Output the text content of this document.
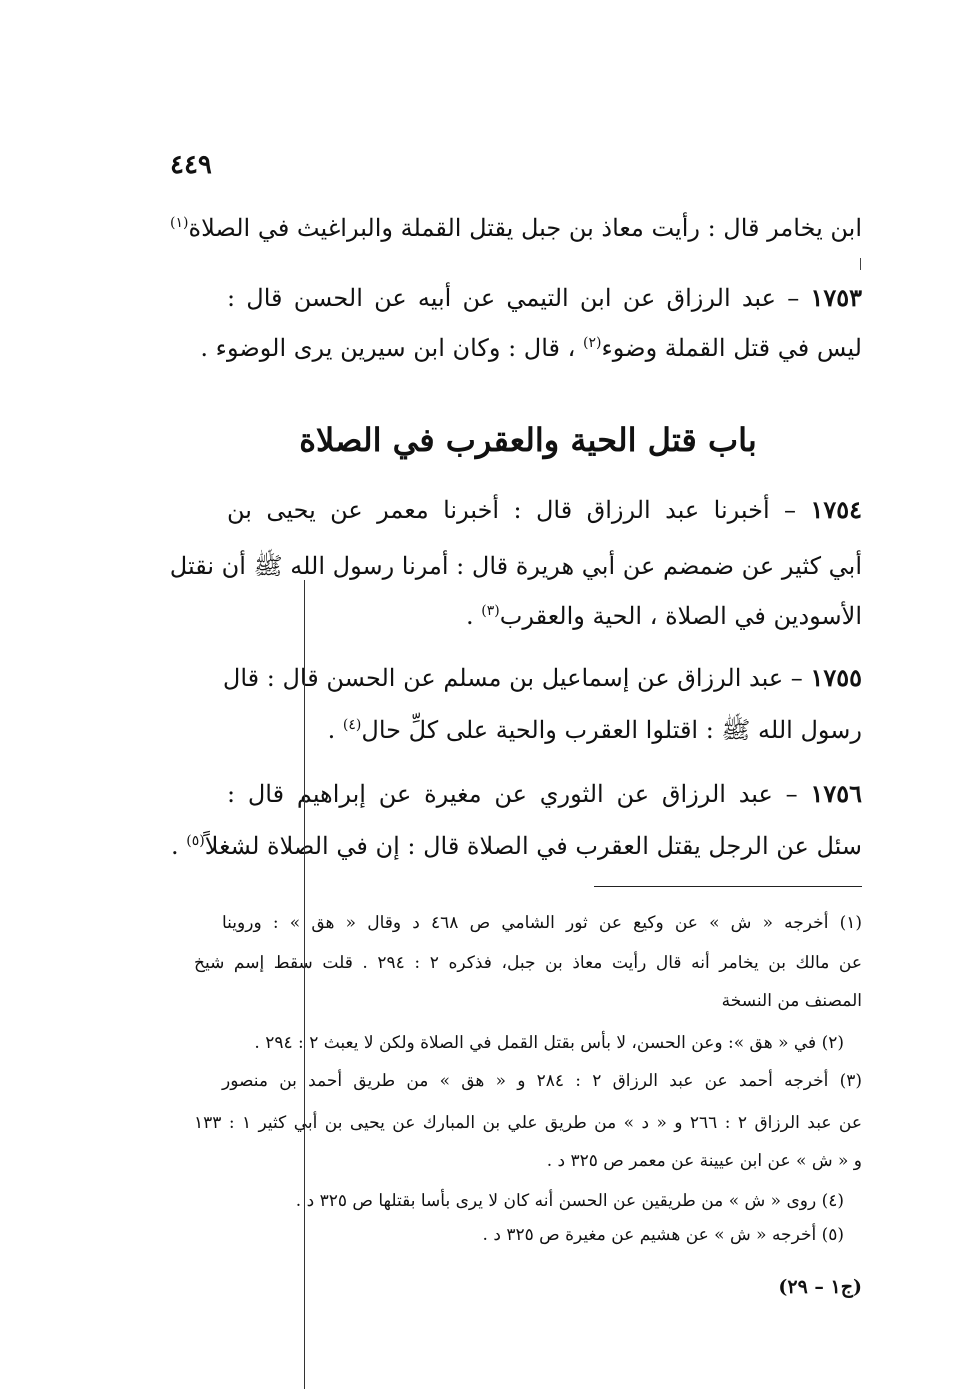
٤٤٩
ابن يخامر قال : رأيت معاذ بن جبل يقتل القملة والبراغيث في الصلاة$^{(١)}$
١٧٥٣ – عبد الرزاق عن ابن التيمي عن أبيه عن الحسن قال :
ليس في قتل القملة وضوء$^{(٢)}$ ، قال : وكان ابن سيرين يرى الوضوء .
باب قتل الحية والعقرب في الصلاة
١٧٥٤ – أخبرنا عبد الرزاق قال : أخبرنا معمر عن يحيى بن
أبي كثير عن ضمضم عن أبي هريرة قال : أمرنا رسول الله ﷺ أن نقتل
الأسودين في الصلاة ، الحية والعقرب$^{(٣)}$ .
١٧٥٥ – عبد الرزاق عن إسماعيل بن مسلم عن الحسن قال : قال
رسول الله ﷺ : اقتلوا العقرب والحية على كلِّ حال$^{(٤)}$ .
١٧٥٦ – عبد الرزاق عن الثوري عن مغيرة عن إبراهيم قال :
سئل عن الرجل يقتل العقرب في الصلاة قال : إن في الصلاة لشغلاً$^{(٥)}$ .
(١) أخرجه « ش » عن وكيع عن ثور الشامي ص ٤٦٨ د وقال « هق » : وروينا
عن مالك بن يخامر أنه قال رأيت معاذ بن جبل، فذكره ٢ : ٢٩٤ . قلت سقط إسم شيخ
المصنف من النسخة
(٢) في « هق »: وعن الحسن، لا بأس بقتل القمل في الصلاة ولكن لا يعبث ٢ : ٢٩٤ .
(٣) أخرجه أحمد عن عبد الرزاق ٢ : ٢٨٤ و « هق » من طريق أحمد بن منصور
عن عبد الرزاق ٢ : ٢٦٦ و « د » من طريق علي بن المبارك عن يحيى بن أبي كثير ١ : ١٣٣
و « ش » عن ابن عيينة عن معمر ص ٣٢٥ د .
(٤) روى « ش » من طريقين عن الحسن أنه كان لا يرى بأسا بقتلها ص ٣٢٥ د .
(٥) أخرجه « ش » عن هشيم عن مغيرة ص ٣٢٥ د .
(ج١ – ٢٩)
